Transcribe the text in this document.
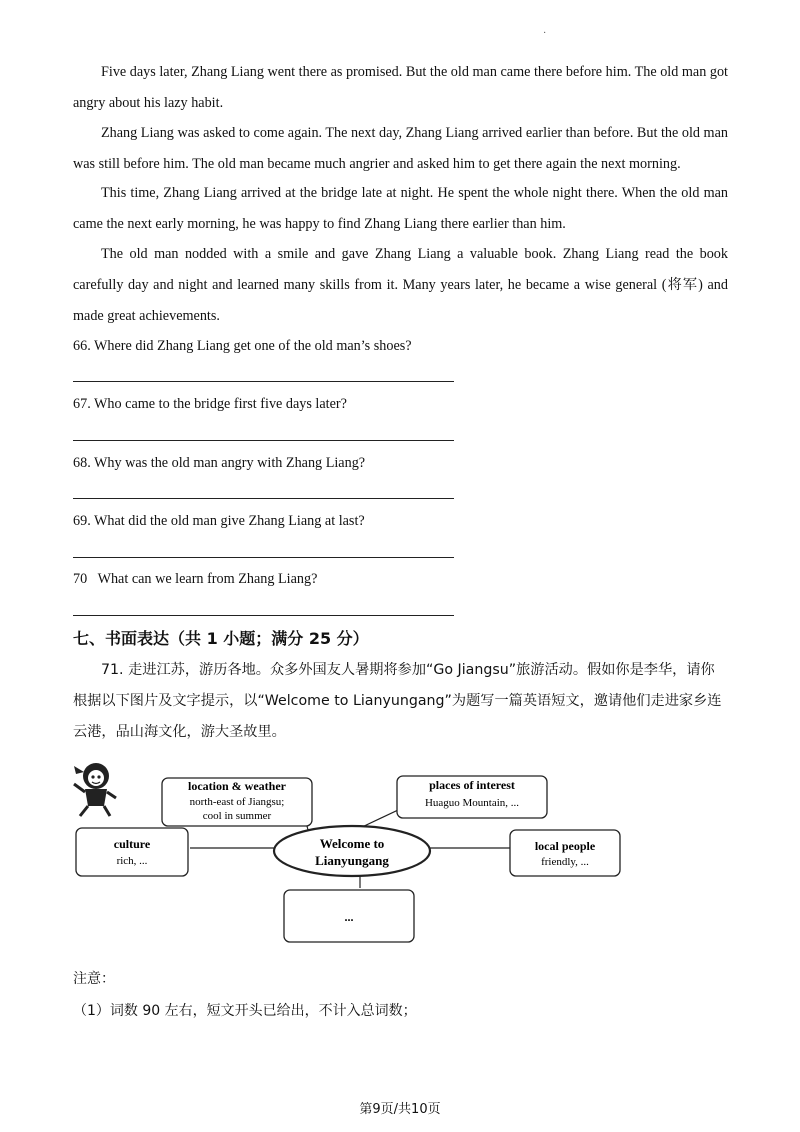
·

Five days later, Zhang Liang went there as promised. But the old man came there before him. The old man got angry about his lazy habit.

Zhang Liang was asked to come again. The next day, Zhang Liang arrived earlier than before. But the old man was still before him. The old man became much angrier and asked him to get there again the next morning.

This time, Zhang Liang arrived at the bridge late at night. He spent the whole night there. When the old man came the next early morning, he was happy to find Zhang Liang there earlier than him.

The old man nodded with a smile and gave Zhang Liang a valuable book. Zhang Liang read the book carefully day and night and learned many skills from it. Many years later, he became a wise general (将军) and made great achievements.

66. Where did Zhang Liang get one of the old man’s shoes?

67. Who came to the bridge first five days later?

68. Why was the old man angry with Zhang Liang?

69. What did the old man give Zhang Liang at last?

70   What can we learn from Zhang Liang?

七、书面表达（共 1 小题；满分 25 分）

71. 走进江苏，游历各地。众多外国友人暑期将参加“Go Jiangsu”旅游活动。假如你是李华，请你根据以下图片及文字提示，以“Welcome to Lianyungang”为题写一篇英语短文，邀请他们走进家乡连云港，品山海文化，游大圣故里。

location & weather
north-east of Jiangsu;
cool in summer
places of interest
Huaguo Mountain, ...
culture
rich, ...
local people
friendly, ...
Welcome to
Lianyungang
...

注意：

（1）词数 90 左右，短文开头已给出，不计入总词数；

第9页/共10页
